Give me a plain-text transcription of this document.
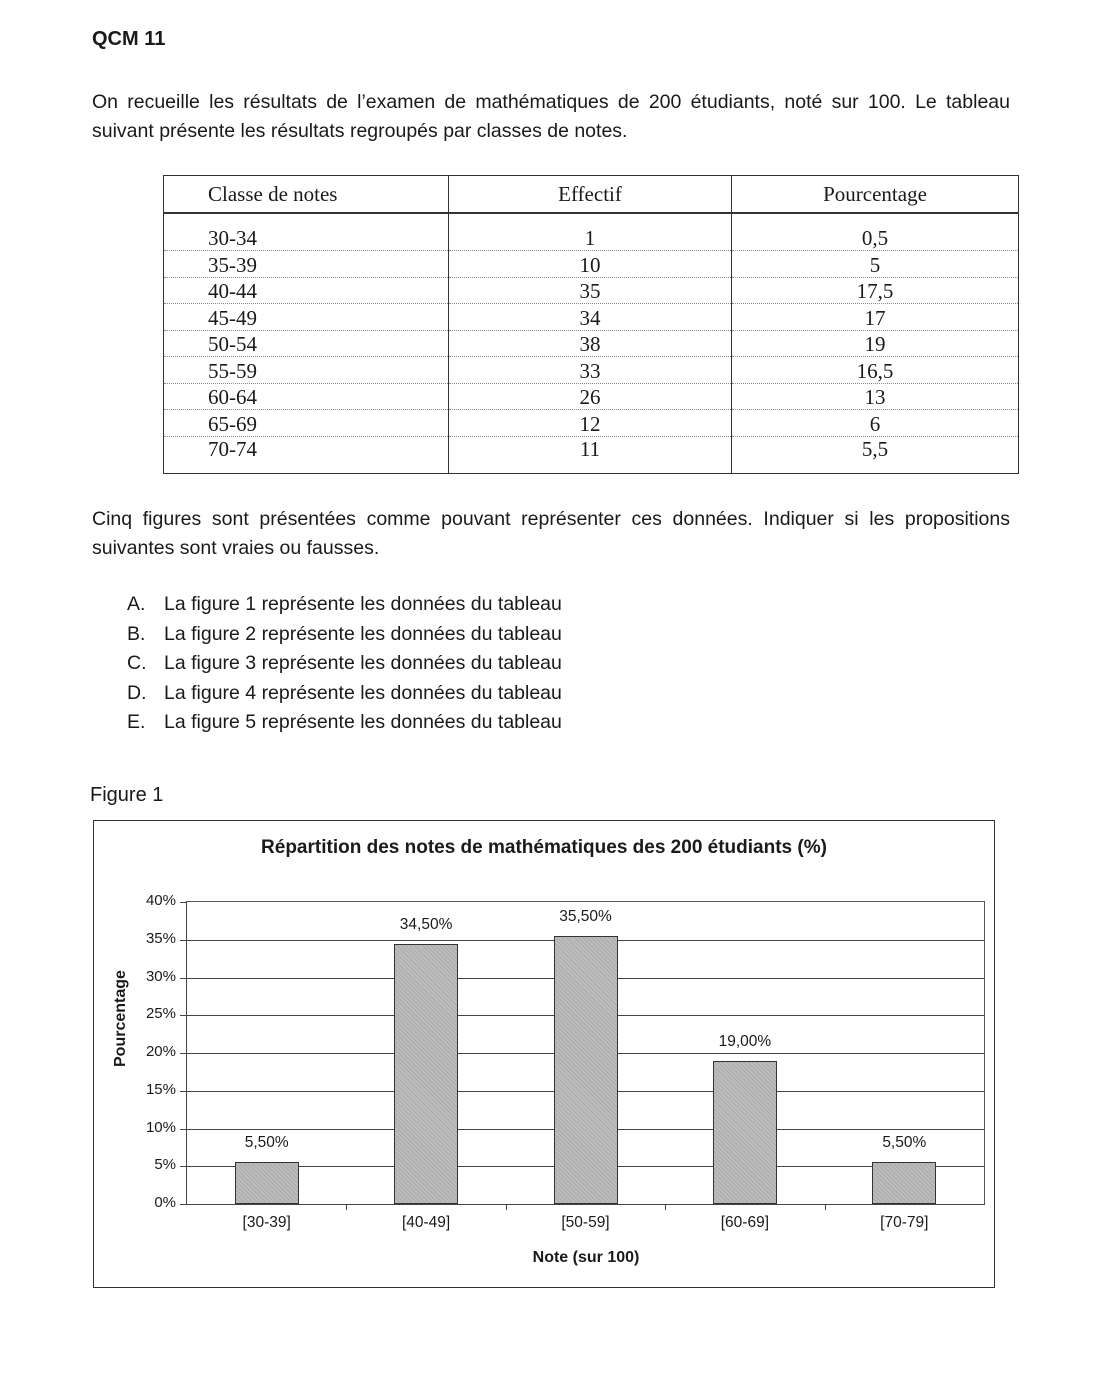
QCM 11
On recueille les résultats de l’examen de mathématiques de 200 étudiants, noté sur 100. Le tableau suivant présente les résultats regroupés par classes de notes.
Classe de notes	Effectif	Pourcentage
30-34	1	0,5
35-39	10	5
40-44	35	17,5
45-49	34	17
50-54	38	19
55-59	33	16,5
60-64	26	13
65-69	12	6
70-74	11	5,5
Cinq figures sont présentées comme pouvant représenter ces données. Indiquer si les propositions suivantes sont vraies ou fausses.
A. La figure 1 représente les données du tableau
B. La figure 2 représente les données du tableau
C. La figure 3 représente les données du tableau
D. La figure 4 représente les données du tableau
E. La figure 5 représente les données du tableau
Figure 1
Répartition des notes de mathématiques des 200 étudiants (%)
Pourcentage
0%
5%
10%
15%
20%
25%
30%
35%
40%
5,50%
[30-39]
34,50%
[40-49]
35,50%
[50-59]
19,00%
[60-69]
5,50%
[70-79]
Note (sur 100)
